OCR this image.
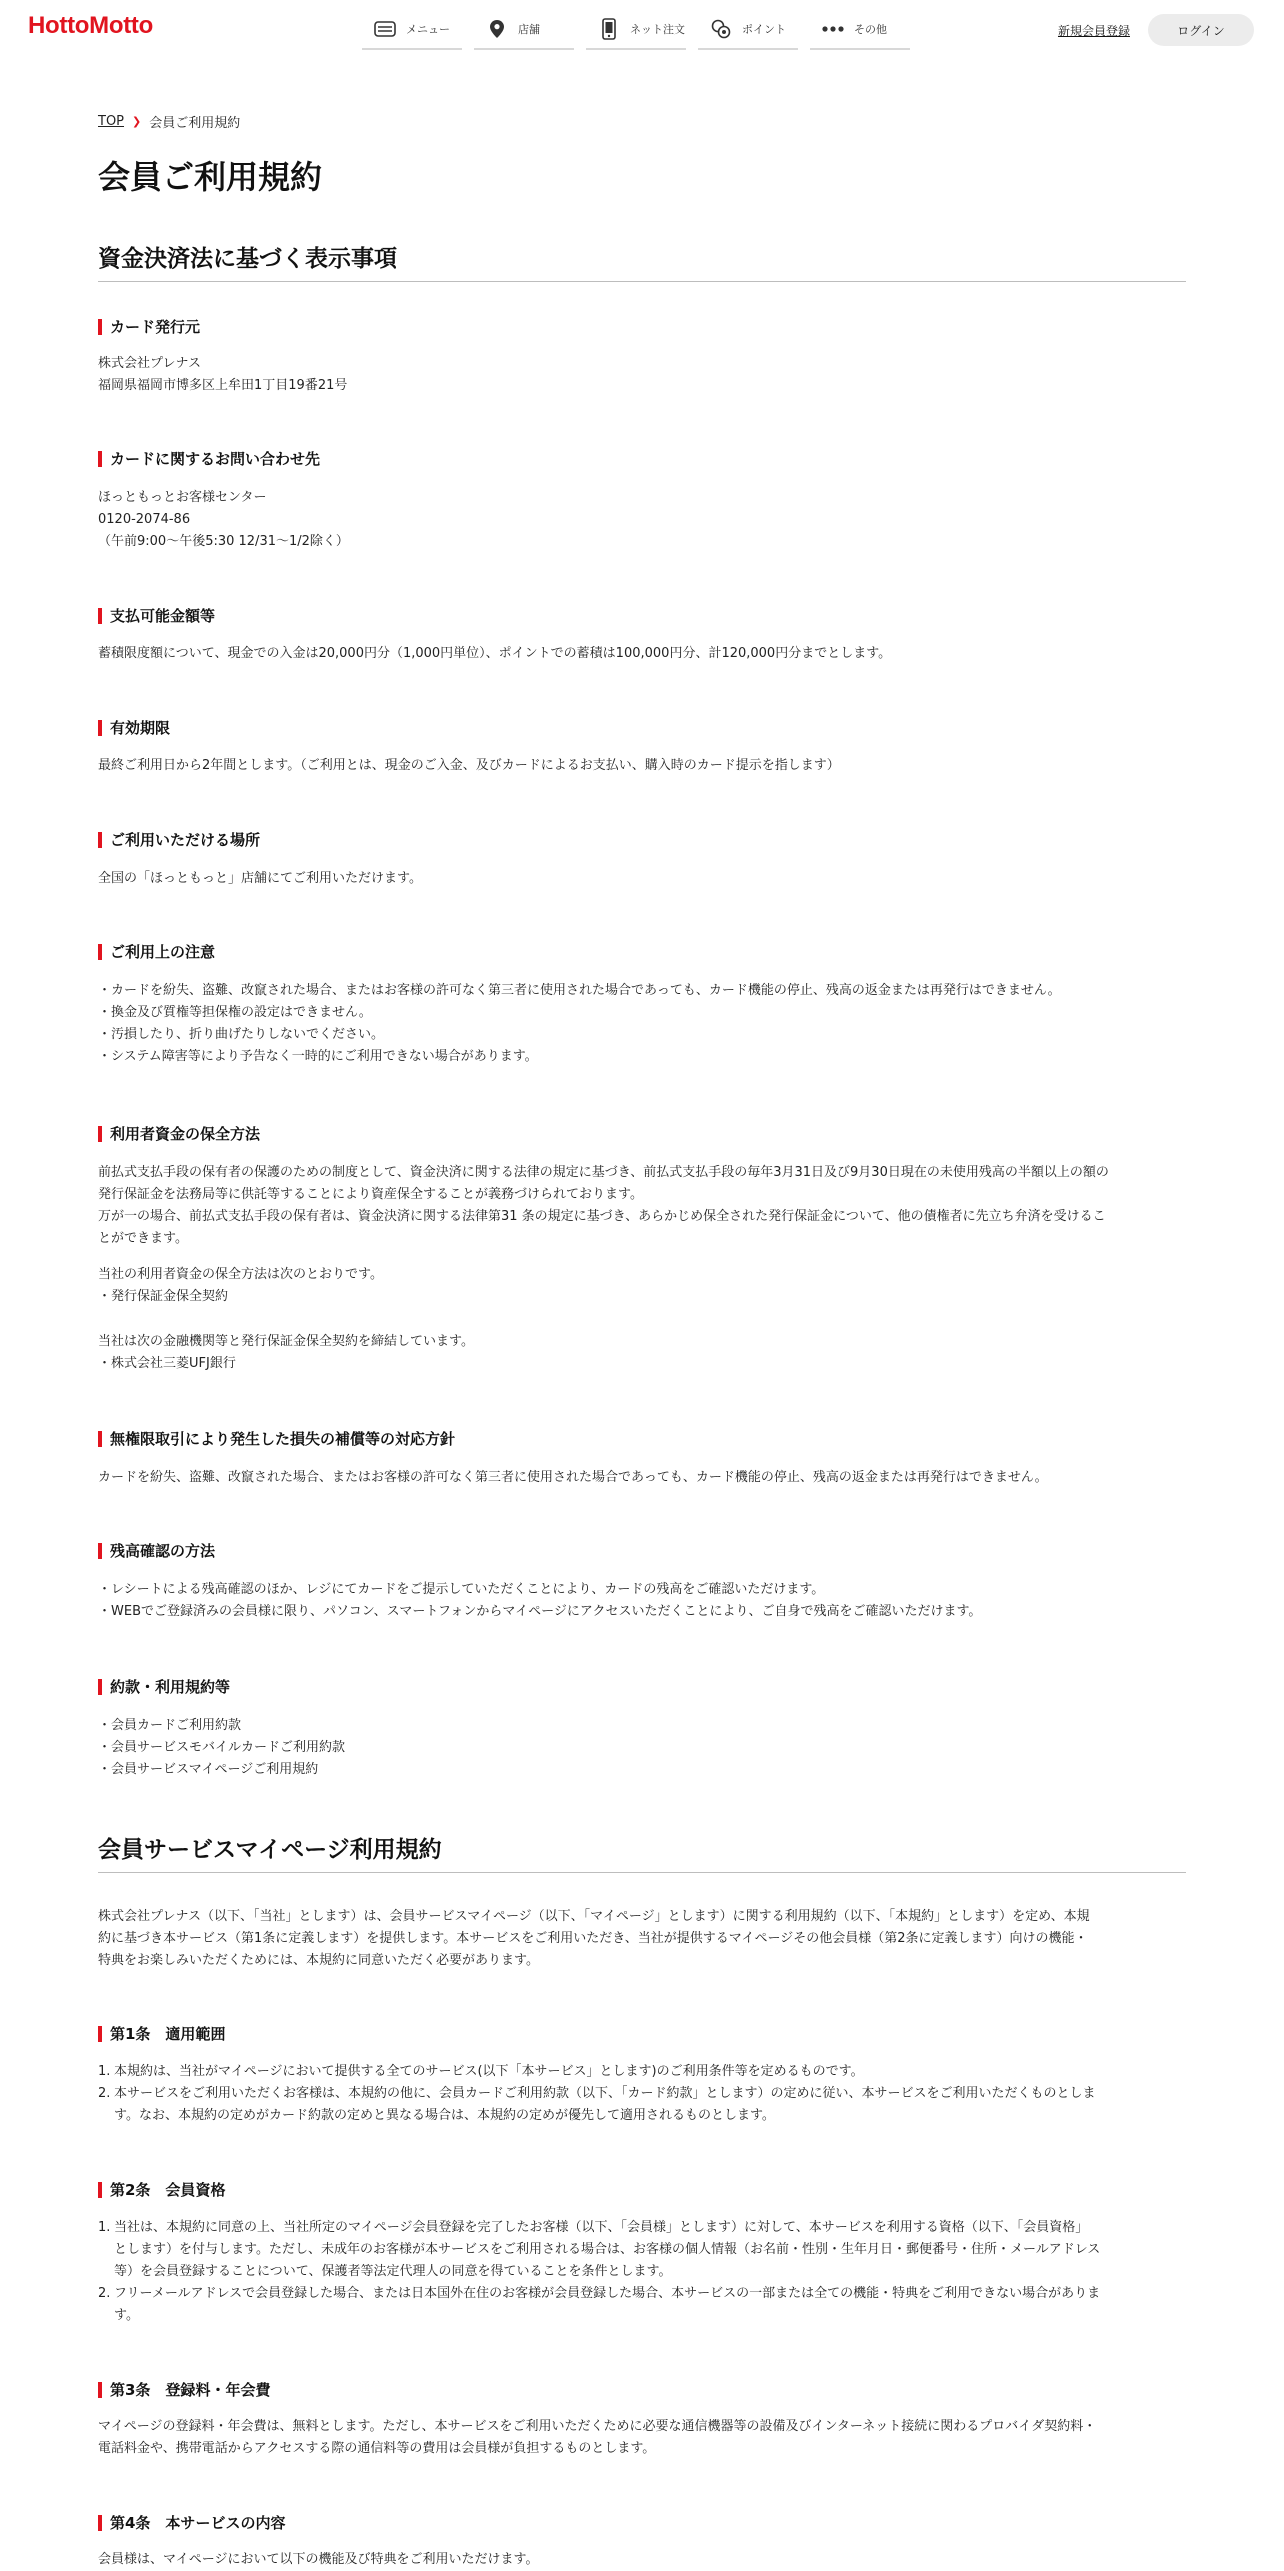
HottoMotto	メニュー	店舗	ネット注文	ポイント	その他	新規会員登録	ログイン
TOP ❯ 会員ご利用規約
会員ご利用規約
資金決済法に基づく表示事項
カード発行元
株式会社プレナス
福岡県福岡市博多区上牟田1丁目19番21号
カードに関するお問い合わせ先
ほっともっとお客様センター
0120-2074-86
（午前9:00〜午後5:30 12/31〜1/2除く）
支払可能金額等
蓄積限度額について、現金での入金は20,000円分（1,000円単位）、ポイントでの蓄積は100,000円分、計120,000円分までとします。
有効期限
最終ご利用日から2年間とします。（ご利用とは、現金のご入金、及びカードによるお支払い、購入時のカード提示を指します）
ご利用いただける場所
全国の「ほっともっと」店舗にてご利用いただけます。
ご利用上の注意
・カードを紛失、盗難、改竄された場合、またはお客様の許可なく第三者に使用された場合であっても、カード機能の停止、残高の返金または再発行はできません。
・換金及び質権等担保権の設定はできません。
・汚損したり、折り曲げたりしないでください。
・システム障害等により予告なく一時的にご利用できない場合があります。
利用者資金の保全方法
前払式支払手段の保有者の保護のための制度として、資金決済に関する法律の規定に基づき、前払式支払手段の毎年3月31日及び9月30日現在の未使用残高の半額以上の額の
発行保証金を法務局等に供託等することにより資産保全することが義務づけられております。
万が一の場合、前払式支払手段の保有者は、資金決済に関する法律第31 条の規定に基づき、あらかじめ保全された発行保証金について、他の債権者に先立ち弁済を受けるこ
とができます。
当社の利用者資金の保全方法は次のとおりです。
・発行保証金保全契約
当社は次の金融機関等と発行保証金保全契約を締結しています。
・株式会社三菱UFJ銀行
無権限取引により発生した損失の補償等の対応方針
カードを紛失、盗難、改竄された場合、またはお客様の許可なく第三者に使用された場合であっても、カード機能の停止、残高の返金または再発行はできません。
残高確認の方法
・レシートによる残高確認のほか、レジにてカードをご提示していただくことにより、カードの残高をご確認いただけます。
・WEBでご登録済みの会員様に限り、パソコン、スマートフォンからマイページにアクセスいただくことにより、ご自身で残高をご確認いただけます。
約款・利用規約等
・会員カードご利用約款
・会員サービスモバイルカードご利用約款
・会員サービスマイページご利用規約
会員サービスマイページ利用規約
株式会社プレナス（以下、「当社」とします）は、会員サービスマイページ（以下、「マイページ」とします）に関する利用規約（以下、「本規約」とします）を定め、本規
約に基づき本サービス（第1条に定義します）を提供します。本サービスをご利用いただき、当社が提供するマイページその他会員様（第2条に定義します）向けの機能・
特典をお楽しみいただくためには、本規約に同意いただく必要があります。
第1条　適用範囲
1. 本規約は、当社がマイページにおいて提供する全てのサービス(以下「本サービス」とします)のご利用条件等を定めるものです。
2. 本サービスをご利用いただくお客様は、本規約の他に、会員カードご利用約款（以下、「カード約款」とします）の定めに従い、本サービスをご利用いただくものとしま
す。なお、本規約の定めがカード約款の定めと異なる場合は、本規約の定めが優先して適用されるものとします。
第2条　会員資格
1. 当社は、本規約に同意の上、当社所定のマイページ会員登録を完了したお客様（以下、「会員様」とします）に対して、本サービスを利用する資格（以下、「会員資格」
とします）を付与します。ただし、未成年のお客様が本サービスをご利用される場合は、お客様の個人情報（お名前・性別・生年月日・郵便番号・住所・メールアドレス
等）を会員登録することについて、保護者等法定代理人の同意を得ていることを条件とします。
2. フリーメールアドレスで会員登録した場合、または日本国外在住のお客様が会員登録した場合、本サービスの一部または全ての機能・特典をご利用できない場合がありま
す。
第3条　登録料・年会費
マイページの登録料・年会費は、無料とします。ただし、本サービスをご利用いただくために必要な通信機器等の設備及びインターネット接続に関わるプロバイダ契約料・
電話料金や、携帯電話からアクセスする際の通信料等の費用は会員様が負担するものとします。
第4条　本サービスの内容
会員様は、マイページにおいて以下の機能及び特典をご利用いただけます。
